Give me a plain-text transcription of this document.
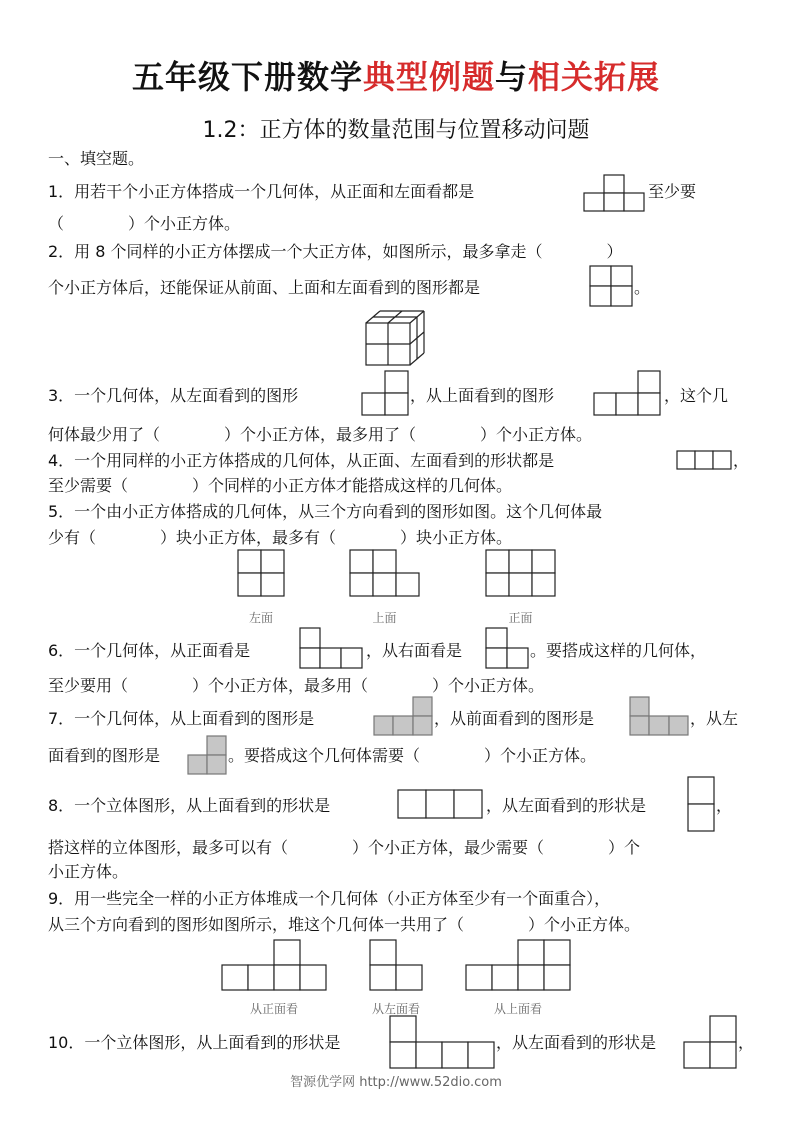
五年级下册数学典型例题与相关拓展
1.2：正方体的数量范围与位置移动问题
一、填空题。
1．用若干个小正方体搭成一个几何体，从正面和左面看都是	至少要
（　　　　）个小正方体。
2．用 8 个同样的小正方体摆成一个大正方体，如图所示，最多拿走（　　　　）
个小正方体后，还能保证从前面、上面和左面看到的图形都是	。
3．一个几何体，从左面看到的图形	，从上面看到的图形	，这个几
何体最少用了（　　　　）个小正方体，最多用了（　　　　）个小正方体。
4．一个用同样的小正方体搭成的几何体，从正面、左面看到的形状都是	，
至少需要（　　　　）个同样的小正方体才能搭成这样的几何体。
5．一个由小正方体搭成的几何体，从三个方向看到的图形如图。这个几何体最
少有（　　　　）块小正方体，最多有（　　　　）块小正方体。
左面	上面	正面
6．一个几何体，从正面看是	，从右面看是	。要搭成这样的几何体，
至少要用（　　　　）个小正方体，最多用（　　　　）个小正方体。
7．一个几何体，从上面看到的图形是	，从前面看到的图形是	，从左
面看到的图形是	。要搭成这个几何体需要（　　　　）个小正方体。
8．一个立体图形，从上面看到的形状是	，从左面看到的形状是	，
搭这样的立体图形，最多可以有（　　　　）个小正方体，最少需要（　　　　）个
小正方体。
9．用一些完全一样的小正方体堆成一个几何体（小正方体至少有一个面重合），
从三个方向看到的图形如图所示，堆这个几何体一共用了（　　　　）个小正方体。
从正面看	从左面看	从上面看
10．一个立体图形，从上面看到的形状是	，从左面看到的形状是	，
智源优学网 http://www.52dio.com
